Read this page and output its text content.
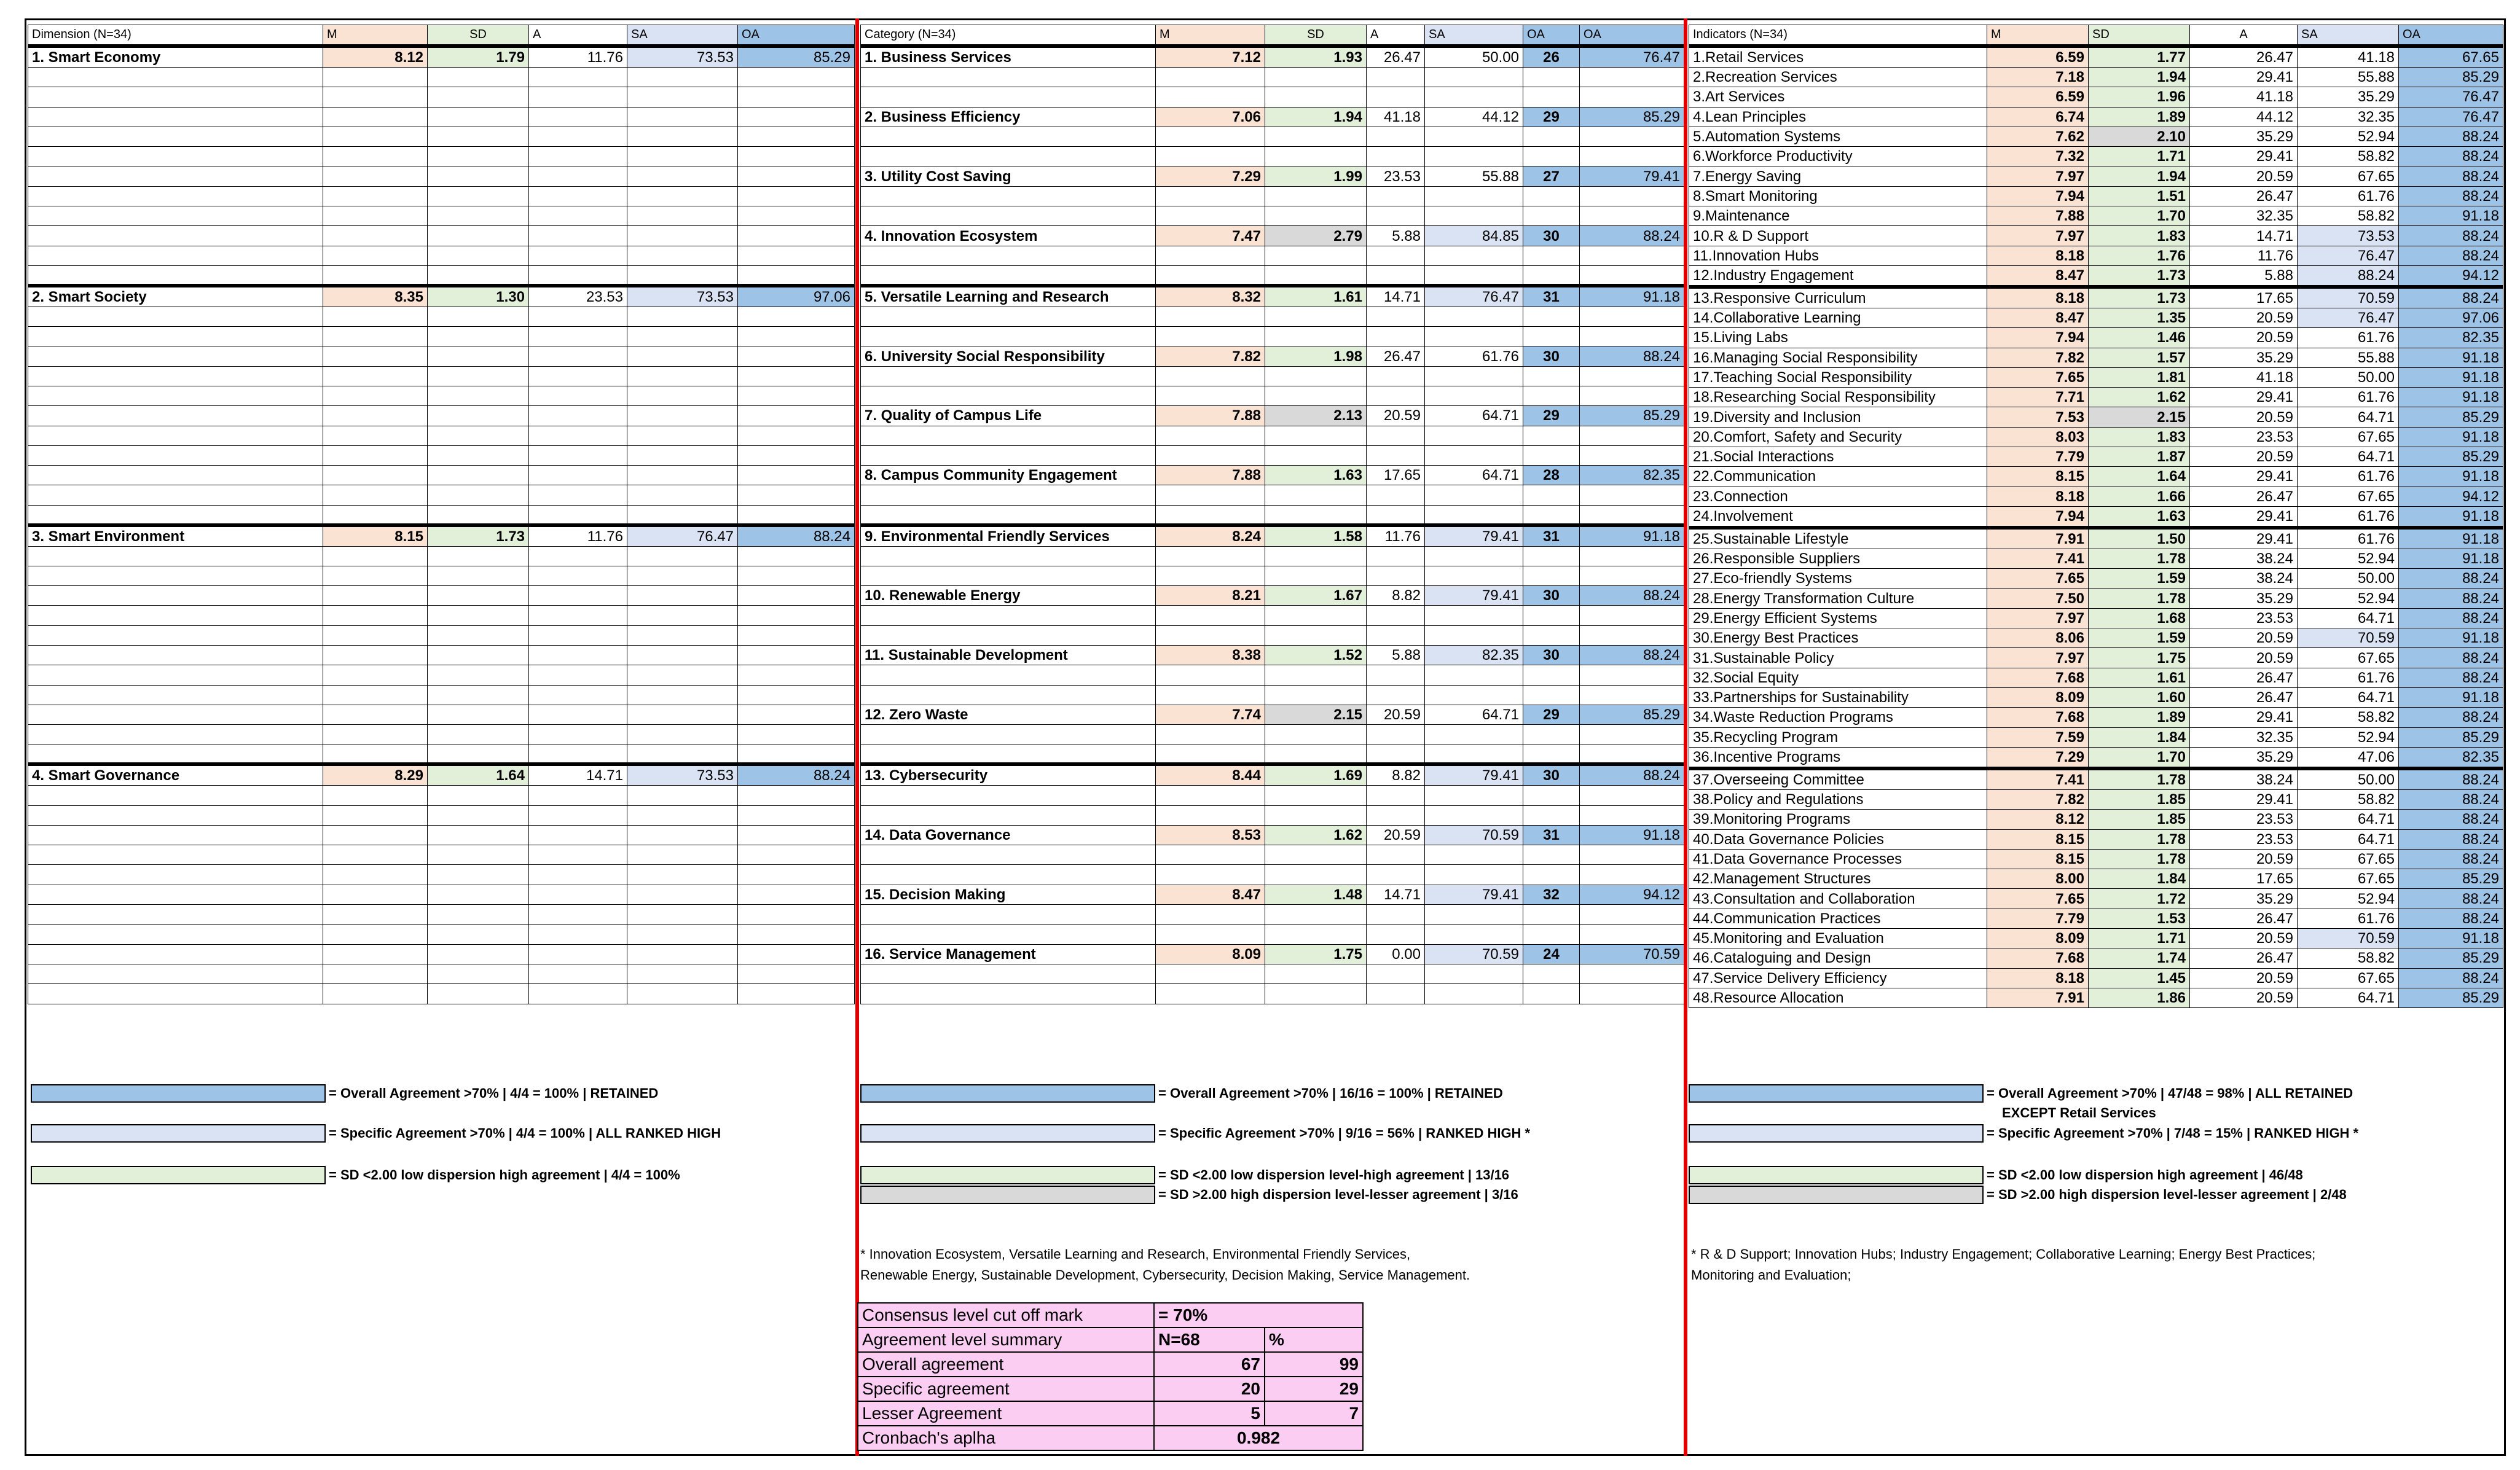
Dimension (N=34)	M	SD	A	SA	OA
1. Smart Economy	8.12	1.79	11.76	73.53	85.29

2. Smart Society	8.35	1.30	23.53	73.53	97.06

3. Smart Environment	8.15	1.73	11.76	76.47	88.24

4. Smart Governance	8.29	1.64	14.71	73.53	88.24

Category (N=34)	M	SD	A	SA	OA	OA
1. Business Services	7.12	1.93	26.47	50.00	26	76.47

2. Business Efficiency	7.06	1.94	41.18	44.12	29	85.29

3. Utility Cost Saving	7.29	1.99	23.53	55.88	27	79.41

4. Innovation Ecosystem	7.47	2.79	5.88	84.85	30	88.24

5. Versatile Learning and Research	8.32	1.61	14.71	76.47	31	91.18

6. University Social Responsibility	7.82	1.98	26.47	61.76	30	88.24

7. Quality of Campus Life	7.88	2.13	20.59	64.71	29	85.29

8. Campus Community Engagement	7.88	1.63	17.65	64.71	28	82.35

9. Environmental Friendly Services	8.24	1.58	11.76	79.41	31	91.18

10. Renewable Energy	8.21	1.67	8.82	79.41	30	88.24

11. Sustainable Development	8.38	1.52	5.88	82.35	30	88.24

12. Zero Waste	7.74	2.15	20.59	64.71	29	85.29

13. Cybersecurity	8.44	1.69	8.82	79.41	30	88.24

14. Data Governance	8.53	1.62	20.59	70.59	31	91.18

15. Decision Making	8.47	1.48	14.71	79.41	32	94.12

16. Service Management	8.09	1.75	0.00	70.59	24	70.59

Indicators (N=34)	M	SD	A	SA	OA
1.Retail Services	6.59	1.77	26.47	41.18	67.65
2.Recreation Services	7.18	1.94	29.41	55.88	85.29
3.Art Services	6.59	1.96	41.18	35.29	76.47
4.Lean Principles	6.74	1.89	44.12	32.35	76.47
5.Automation Systems	7.62	2.10	35.29	52.94	88.24
6.Workforce Productivity	7.32	1.71	29.41	58.82	88.24
7.Energy Saving	7.97	1.94	20.59	67.65	88.24
8.Smart Monitoring	7.94	1.51	26.47	61.76	88.24
9.Maintenance	7.88	1.70	32.35	58.82	91.18
10.R & D Support	7.97	1.83	14.71	73.53	88.24
11.Innovation Hubs	8.18	1.76	11.76	76.47	88.24
12.Industry Engagement	8.47	1.73	5.88	88.24	94.12
13.Responsive Curriculum	8.18	1.73	17.65	70.59	88.24
14.Collaborative Learning	8.47	1.35	20.59	76.47	97.06
15.Living Labs	7.94	1.46	20.59	61.76	82.35
16.Managing Social Responsibility	7.82	1.57	35.29	55.88	91.18
17.Teaching Social Responsibility	7.65	1.81	41.18	50.00	91.18
18.Researching Social Responsibility	7.71	1.62	29.41	61.76	91.18
19.Diversity and Inclusion	7.53	2.15	20.59	64.71	85.29
20.Comfort, Safety and Security	8.03	1.83	23.53	67.65	91.18
21.Social Interactions	7.79	1.87	20.59	64.71	85.29
22.Communication	8.15	1.64	29.41	61.76	91.18
23.Connection	8.18	1.66	26.47	67.65	94.12
24.Involvement	7.94	1.63	29.41	61.76	91.18
25.Sustainable Lifestyle	7.91	1.50	29.41	61.76	91.18
26.Responsible Suppliers	7.41	1.78	38.24	52.94	91.18
27.Eco-friendly Systems	7.65	1.59	38.24	50.00	88.24
28.Energy Transformation Culture	7.50	1.78	35.29	52.94	88.24
29.Energy Efficient Systems	7.97	1.68	23.53	64.71	88.24
30.Energy Best Practices	8.06	1.59	20.59	70.59	91.18
31.Sustainable Policy	7.97	1.75	20.59	67.65	88.24
32.Social Equity	7.68	1.61	26.47	61.76	88.24
33.Partnerships for Sustainability	8.09	1.60	26.47	64.71	91.18
34.Waste Reduction Programs	7.68	1.89	29.41	58.82	88.24
35.Recycling Program	7.59	1.84	32.35	52.94	85.29
36.Incentive Programs	7.29	1.70	35.29	47.06	82.35
37.Overseeing Committee	7.41	1.78	38.24	50.00	88.24
38.Policy and Regulations	7.82	1.85	29.41	58.82	88.24
39.Monitoring Programs	8.12	1.85	23.53	64.71	88.24
40.Data Governance Policies	8.15	1.78	23.53	64.71	88.24
41.Data Governance Processes	8.15	1.78	20.59	67.65	88.24
42.Management Structures	8.00	1.84	17.65	67.65	85.29
43.Consultation and Collaboration	7.65	1.72	35.29	52.94	88.24
44.Communication Practices	7.79	1.53	26.47	61.76	88.24
45.Monitoring and Evaluation	8.09	1.71	20.59	70.59	91.18
46.Cataloguing and Design	7.68	1.74	26.47	58.82	85.29
47.Service Delivery Efficiency	8.18	1.45	20.59	67.65	88.24
48.Resource Allocation	7.91	1.86	20.59	64.71	85.29
= Overall Agreement >70% | 4/4 = 100% | RETAINED
= Specific Agreement >70% | 4/4 = 100% | ALL RANKED HIGH
= SD <2.00 low dispersion high agreement | 4/4 = 100%
= Overall Agreement >70% | 16/16 = 100% | RETAINED
= Specific Agreement >70% | 9/16 = 56% | RANKED HIGH *
= SD <2.00 low dispersion level-high agreement | 13/16
= SD >2.00 high dispersion level-lesser agreement | 3/16
= Overall Agreement >70% | 47/48 = 98% | ALL RETAINED
EXCEPT Retail Services
= Specific Agreement >70% | 7/48 = 15% | RANKED HIGH *
= SD <2.00 low dispersion high agreement | 46/48
= SD >2.00 high dispersion level-lesser agreement | 2/48
* Innovation Ecosystem, Versatile Learning and Research, Environmental Friendly Services,
Renewable Energy, Sustainable Development, Cybersecurity, Decision Making, Service Management.
* R & D Support; Innovation Hubs; Industry Engagement; Collaborative Learning; Energy Best Practices;
Monitoring and Evaluation;
Consensus level cut off mark	= 70%	
Agreement level summary	N=68	%
Overall agreement	67	99
Specific agreement	20	29
Lesser Agreement	5	7
Cronbach's aplha	0.982	
